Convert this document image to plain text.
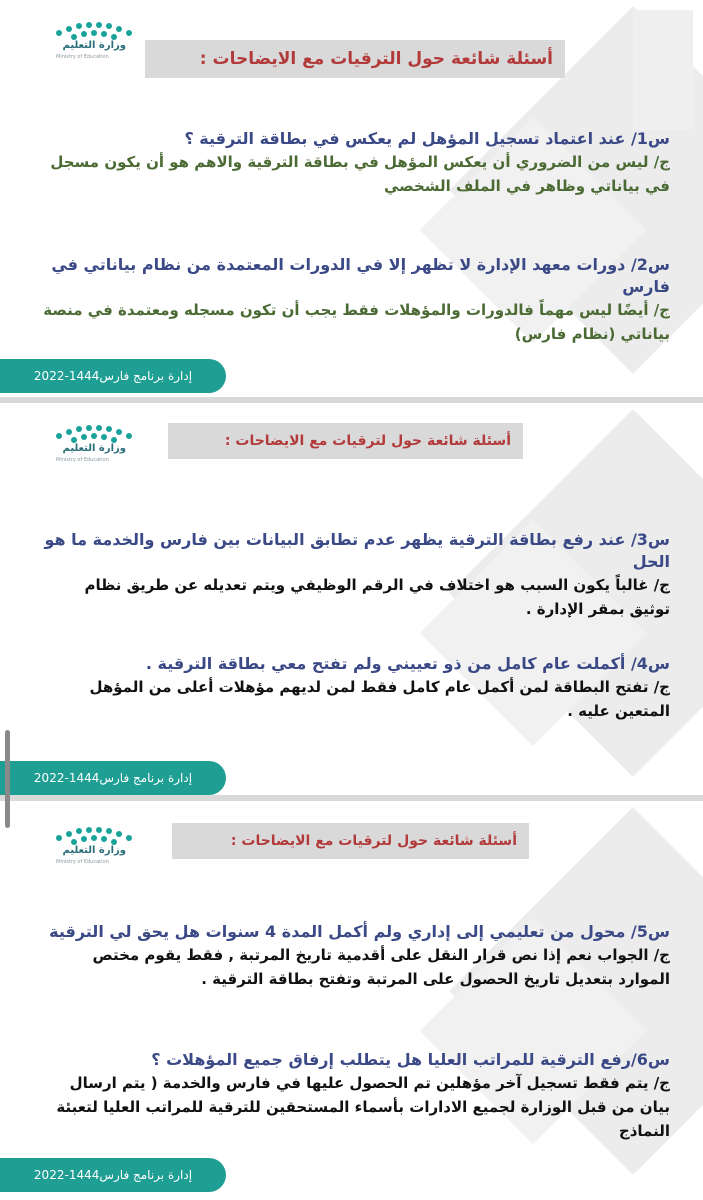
وزارة التعليم
Ministry of Education	أسئلة شائعة حول الترقيات مع الايضاحات :
س1/ عند اعتماد تسجيل المؤهل لم يعكس في بطاقة الترقية ؟
ج/ ليس من الضروري أن يعكس المؤهل في بطاقة الترقية والاهم هو أن يكون مسجل في بياناتي وظاهر في الملف الشخصي
س2/ دورات معهد الإدارة لا تظهر إلا في الدورات المعتمدة من نظام بياناتي في فارس
ج/ أيضًا ليس مهماً فالدورات والمؤهلات فقط يجب أن تكون مسجله ومعتمدة في منصة بياناتي (نظام فارس)
إدارة برنامج فارس1444-2022
وزارة التعليم
Ministry of Education
أسئلة شائعة حول لترقيات مع الايضاحات :
س3/ عند رفع بطاقة الترقية يظهر عدم تطابق البيانات بين فارس والخدمة ما هو الحل
ج/ غالباً يكون السبب هو اختلاف في الرقم الوظيفي ويتم تعديله عن طريق نظام توثيق بمقر الإدارة .
س4/ أكملت عام كامل من ذو تعييني ولم تفتح معي بطاقة الترقية .
ج/ تفتح البطاقة لمن أكمل عام كامل فقط لمن لديهم مؤهلات أعلى من المؤهل المتعين عليه .
إدارة برنامج فارس1444-2022
وزارة التعليم
Ministry of Education
أسئلة شائعة حول لترقيات مع الايضاحات :
س5/ محول من تعليمي إلى إداري ولم أكمل المدة 4 سنوات هل يحق لي الترقية
ج/ الجواب نعم إذا نص قرار النقل على أقدمية تاريخ المرتبة , فقط يقوم مختص الموارد بتعديل تاريخ الحصول على المرتبة وتفتح بطاقة الترقية .
س6/رفع الترقية للمراتب العليا هل يتطلب إرفاق جميع المؤهلات ؟
ج/ يتم فقط تسجيل آخر مؤهلين تم الحصول عليها في فارس والخدمة ( يتم ارسال بيان من قبل الوزارة لجميع الادارات بأسماء المستحقين للترقية للمراتب العليا لتعبئة النماذج
إدارة برنامج فارس1444-2022
